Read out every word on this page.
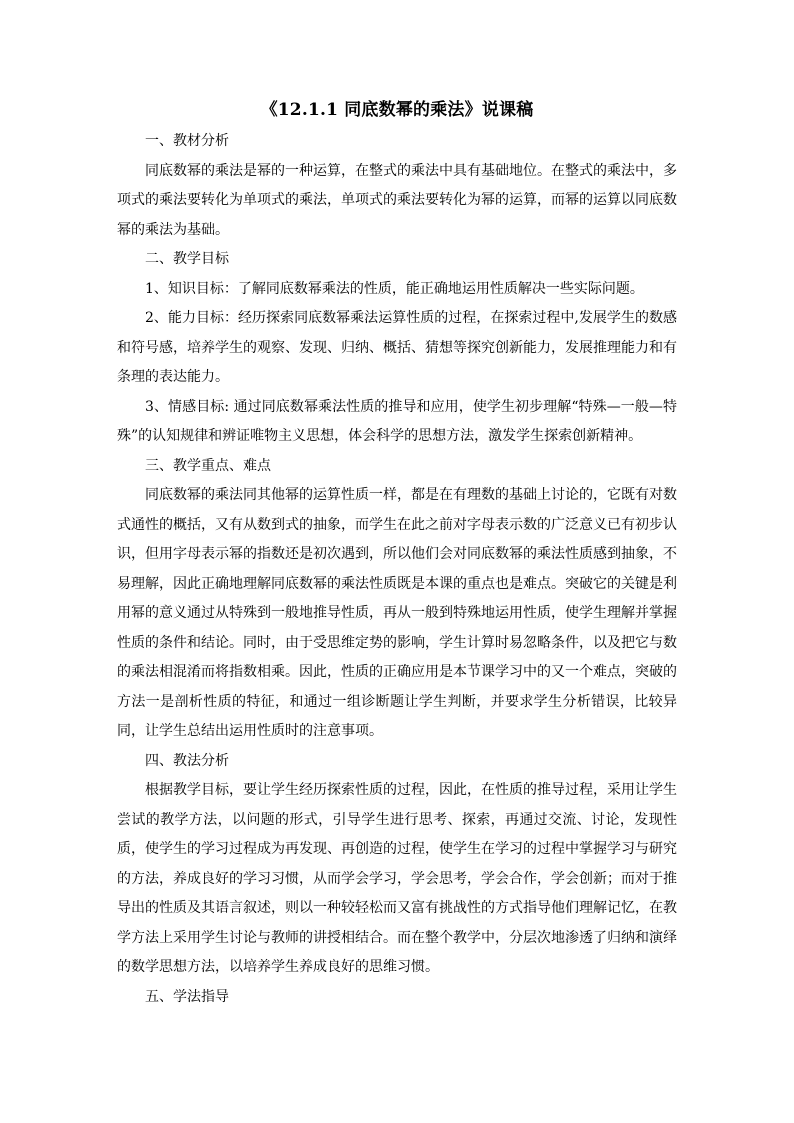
《12.1.1 同底数幂的乘法》说课稿

一、教材分析

同底数幂的乘法是幂的一种运算，在整式的乘法中具有基础地位。在整式的乘法中，多项式的乘法要转化为单项式的乘法，单项式的乘法要转化为幂的运算，而幂的运算以同底数幂的乘法为基础。

二、教学目标

1、知识目标：了解同底数幂乘法的性质，能正确地运用性质解决一些实际问题。

2、能力目标：经历探索同底数幂乘法运算性质的过程，在探索过程中,发展学生的数感和符号感，培养学生的观察、发现、归纳、概括、猜想等探究创新能力，发展推理能力和有条理的表达能力。

3、情感目标: 通过同底数幂乘法性质的推导和应用，使学生初步理解“特殊—一般—特殊”的认知规律和辨证唯物主义思想，体会科学的思想方法，激发学生探索创新精神。

三、教学重点、难点

同底数幂的乘法同其他幂的运算性质一样，都是在有理数的基础上讨论的，它既有对数式通性的概括，又有从数到式的抽象，而学生在此之前对字母表示数的广泛意义已有初步认识，但用字母表示幂的指数还是初次遇到，所以他们会对同底数幂的乘法性质感到抽象，不易理解，因此正确地理解同底数幂的乘法性质既是本课的重点也是难点。突破它的关键是利用幂的意义通过从特殊到一般地推导性质，再从一般到特殊地运用性质，使学生理解并掌握性质的条件和结论。同时，由于受思维定势的影响，学生计算时易忽略条件，以及把它与数的乘法相混淆而将指数相乘。因此，性质的正确应用是本节课学习中的又一个难点，突破的方法一是剖析性质的特征，和通过一组诊断题让学生判断，并要求学生分析错误，比较异同，让学生总结出运用性质时的注意事项。

四、教法分析

根据教学目标，要让学生经历探索性质的过程，因此，在性质的推导过程，采用让学生尝试的教学方法，以问题的形式，引导学生进行思考、探索，再通过交流、讨论，发现性质，使学生的学习过程成为再发现、再创造的过程，使学生在学习的过程中掌握学习与研究的方法，养成良好的学习习惯，从而学会学习，学会思考，学会合作，学会创新；而对于推导出的性质及其语言叙述，则以一种较轻松而又富有挑战性的方式指导他们理解记忆，在教学方法上采用学生讨论与教师的讲授相结合。而在整个教学中，分层次地渗透了归纳和演绎的数学思想方法，以培养学生养成良好的思维习惯。

五、学法指导
